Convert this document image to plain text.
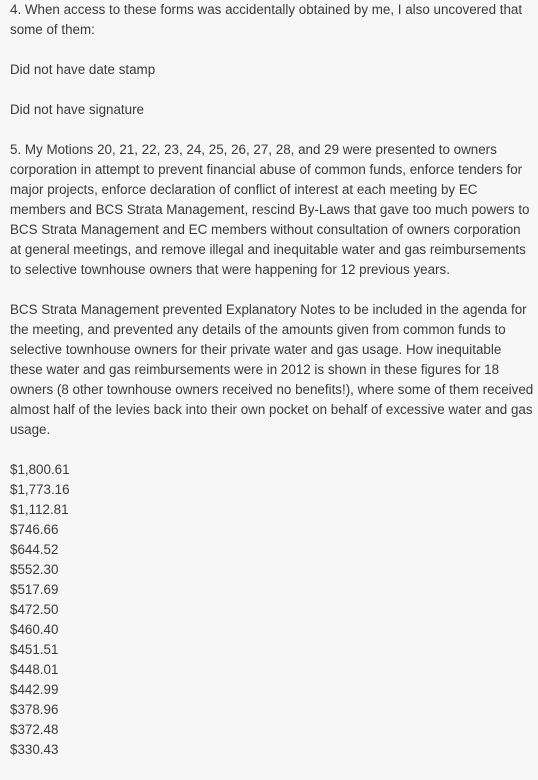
4. When access to these forms was accidentally obtained by me, I also uncovered that some of them:

Did not have date stamp

Did not have signature

5. My Motions 20, 21, 22, 23, 24, 25, 26, 27, 28, and 29 were presented to owners corporation in attempt to prevent financial abuse of common funds, enforce tenders for major projects, enforce declaration of conflict of interest at each meeting by EC members and BCS Strata Management, rescind By-Laws that gave too much powers to BCS Strata Management and EC members without consultation of owners corporation at general meetings, and remove illegal and inequitable water and gas reimbursements to selective townhouse owners that were happening for 12 previous years.

BCS Strata Management prevented Explanatory Notes to be included in the agenda for the meeting, and prevented any details of the amounts given from common funds to selective townhouse owners for their private water and gas usage. How inequitable these water and gas reimbursements were in 2012 is shown in these figures for 18 owners (8 other townhouse owners received no benefits!), where some of them received almost half of the levies back into their own pocket on behalf of excessive water and gas usage.

$1,800.61
$1,773.16
$1,112.81
$746.66
$644.52
$552.30
$517.69
$472.50
$460.40
$451.51
$448.01
$442.99
$378.96
$372.48
$330.43
